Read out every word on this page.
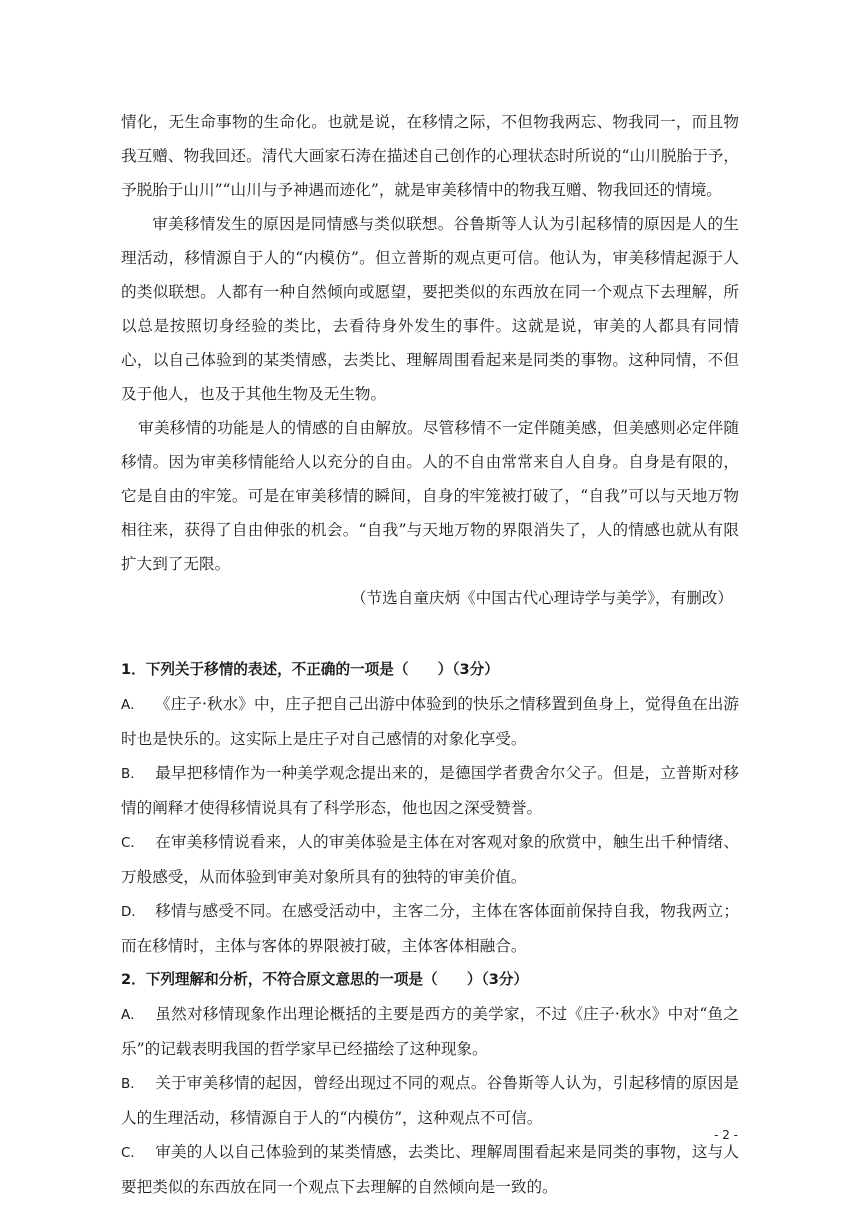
情化，无生命事物的生命化。也就是说，在移情之际，不但物我两忘、物我同一，而且物我互赠、物我回还。清代大画家石涛在描述自己创作的心理状态时所说的“山川脱胎于予，予脱胎于山川”“山川与予神遇而迹化”，就是审美移情中的物我互赠、物我回还的情境。

审美移情发生的原因是同情感与类似联想。谷鲁斯等人认为引起移情的原因是人的生理活动，移情源自于人的“内模仿”。但立普斯的观点更可信。他认为，审美移情起源于人的类似联想。人都有一种自然倾向或愿望，要把类似的东西放在同一个观点下去理解，所以总是按照切身经验的类比，去看待身外发生的事件。这就是说，审美的人都具有同情心，以自己体验到的某类情感，去类比、理解周围看起来是同类的事物。这种同情，不但及于他人，也及于其他生物及无生物。

审美移情的功能是人的情感的自由解放。尽管移情不一定伴随美感，但美感则必定伴随移情。因为审美移情能给人以充分的自由。人的不自由常常来自人自身。自身是有限的，它是自由的牢笼。可是在审美移情的瞬间，自身的牢笼被打破了，“自我”可以与天地万物相往来，获得了自由伸张的机会。“自我”与天地万物的界限消失了，人的情感也就从有限扩大到了无限。

（节选自童庆炳《中国古代心理诗学与美学》，有删改）

1．下列关于移情的表述，不正确的一项是（　　）（3分）

A． 《庄子·秋水》中，庄子把自己出游中体验到的快乐之情移置到鱼身上，觉得鱼在出游时也是快乐的。这实际上是庄子对自己感情的对象化享受。

B． 最早把移情作为一种美学观念提出来的，是德国学者费舍尔父子。但是，立普斯对移情的阐释才使得移情说具有了科学形态，他也因之深受赞誉。

C． 在审美移情说看来，人的审美体验是主体在对客观对象的欣赏中，触生出千种情绪、万般感受，从而体验到审美对象所具有的独特的审美价值。

D． 移情与感受不同。在感受活动中，主客二分，主体在客体面前保持自我，物我两立；而在移情时，主体与客体的界限被打破，主体客体相融合。

2．下列理解和分析，不符合原文意思的一项是（　　）（3分）

A． 虽然对移情现象作出理论概括的主要是西方的美学家，不过《庄子·秋水》中对“鱼之乐”的记载表明我国的哲学家早已经描绘了这种现象。

B． 关于审美移情的起因，曾经出现过不同的观点。谷鲁斯等人认为，引起移情的原因是人的生理活动，移情源自于人的“内模仿”，这种观点不可信。

C． 审美的人以自己体验到的某类情感，去类比、理解周围看起来是同类的事物，这与人要把类似的东西放在同一个观点下去理解的自然倾向是一致的。

- 2 -
